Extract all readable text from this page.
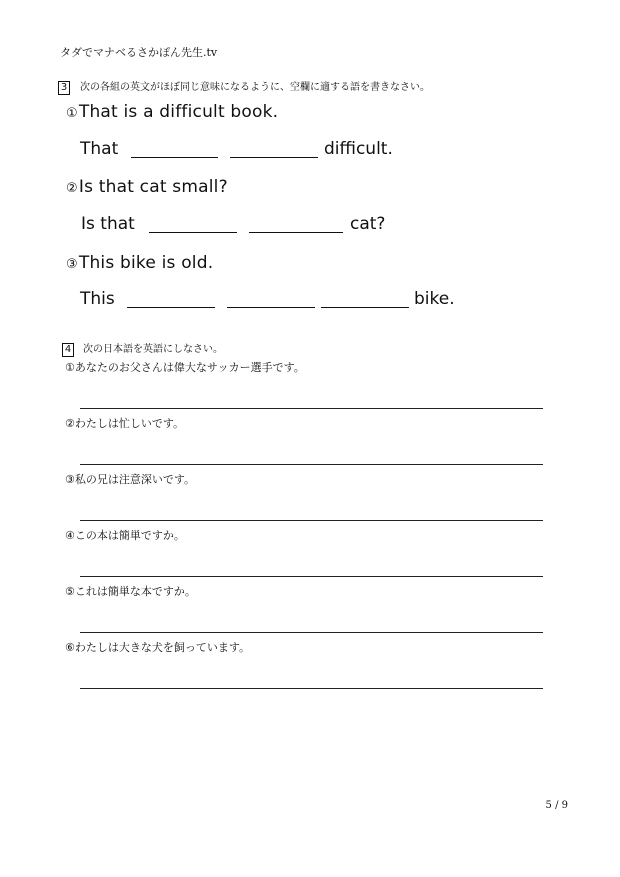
タダでマナベるさかぽん先生.tv
3 次の各組の英文がほぼ同じ意味になるように、空欄に適する語を書きなさい。
①That is a difficult book.
That	difficult.
②Is that cat small?
Is that	cat?
③This bike is old.
This	bike.
4 次の日本語を英語にしなさい。
①あなたのお父さんは偉大なサッカー選手です。
②わたしは忙しいです。
③私の兄は注意深いです。
④この本は簡単ですか。
⑤これは簡単な本ですか。
⑥わたしは大きな犬を飼っています。
5 / 9
